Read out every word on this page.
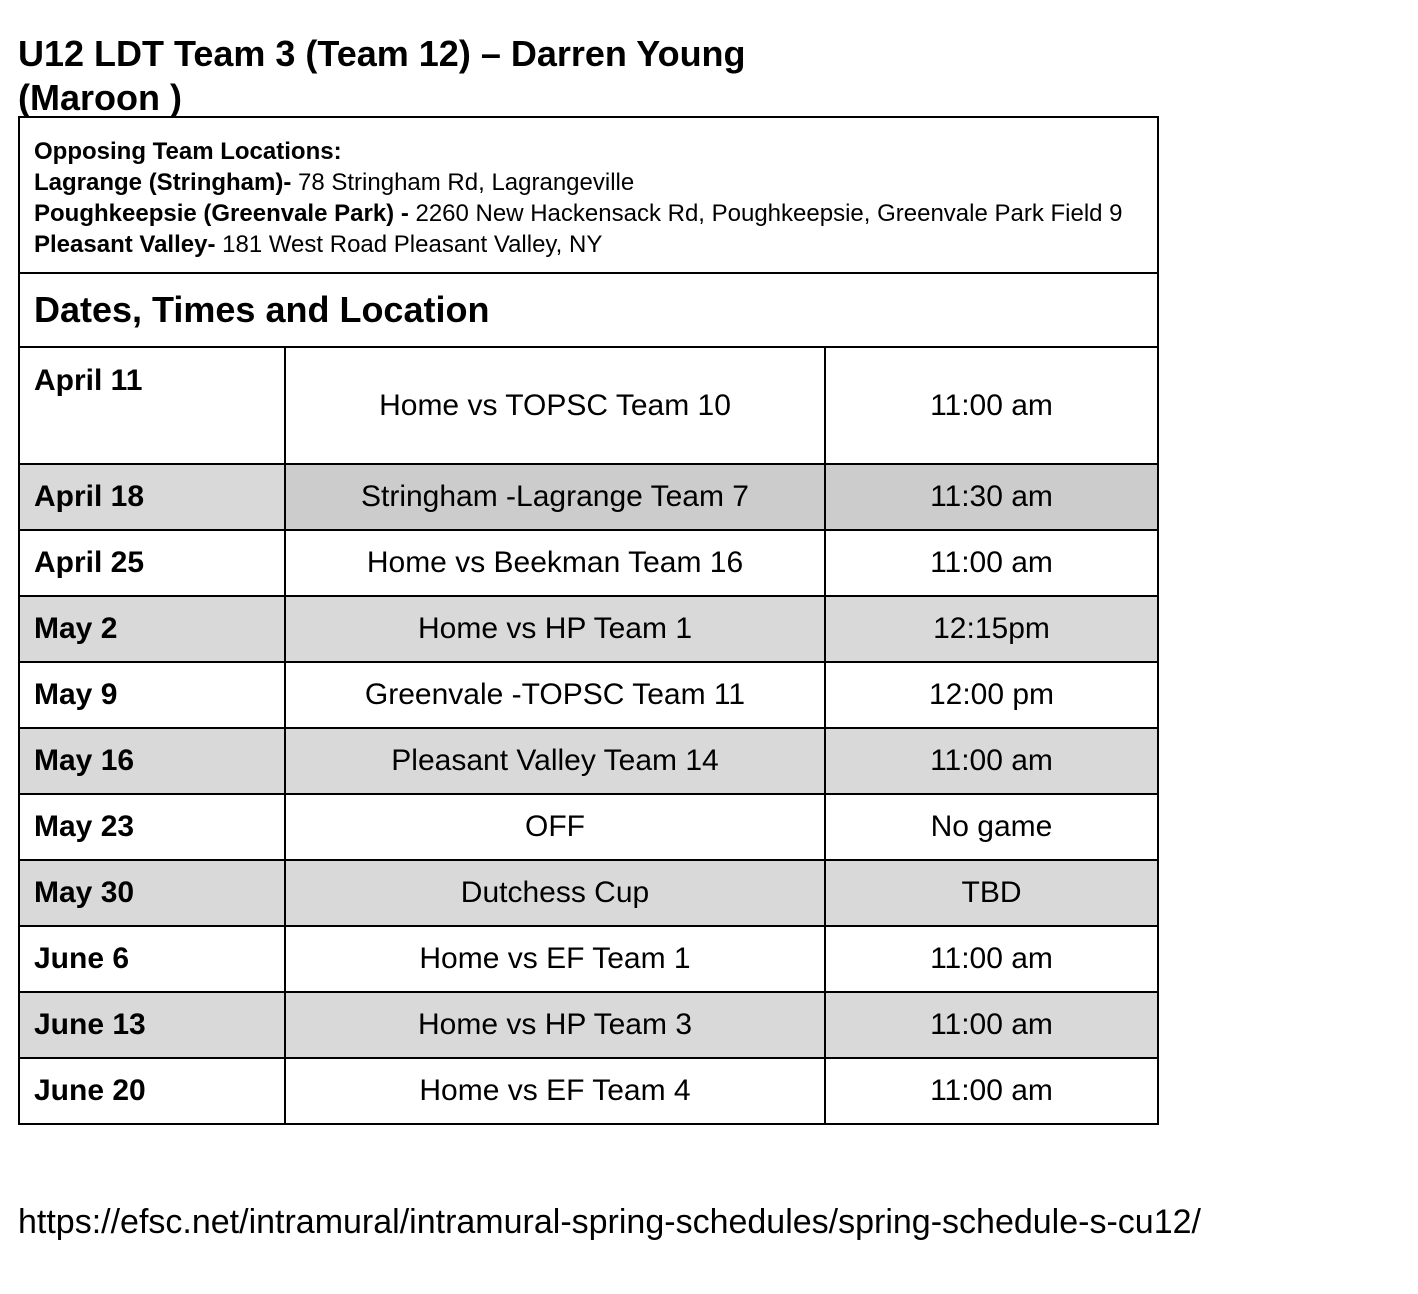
U12 LDT Team 3 (Team 12) – Darren Young
(Maroon )
Opposing Team Locations:
Lagrange (Stringham)- 78 Stringham Rd, Lagrangeville
Poughkeepsie (Greenvale Park) - 2260 New Hackensack Rd, Poughkeepsie, Greenvale Park Field 9
Pleasant Valley- 181 West Road Pleasant Valley, NY		
Dates, Times and Location		
April 11	Home vs TOPSC Team 10	11:00 am
April 18	Stringham -Lagrange Team 7	11:30 am
April 25	Home vs Beekman Team 16	11:00 am
May 2	Home vs HP Team 1	12:15pm
May 9	Greenvale -TOPSC Team 11	12:00 pm
May 16	Pleasant Valley Team 14	11:00 am
May 23	OFF	No game
May 30	Dutchess Cup	TBD
June 6	Home vs EF Team 1	11:00 am
June 13	Home vs HP Team 3	11:00 am
June 20	Home vs EF Team 4	11:00 am
https://efsc.net/intramural/intramural-spring-schedules/spring-schedule-s-cu12/
